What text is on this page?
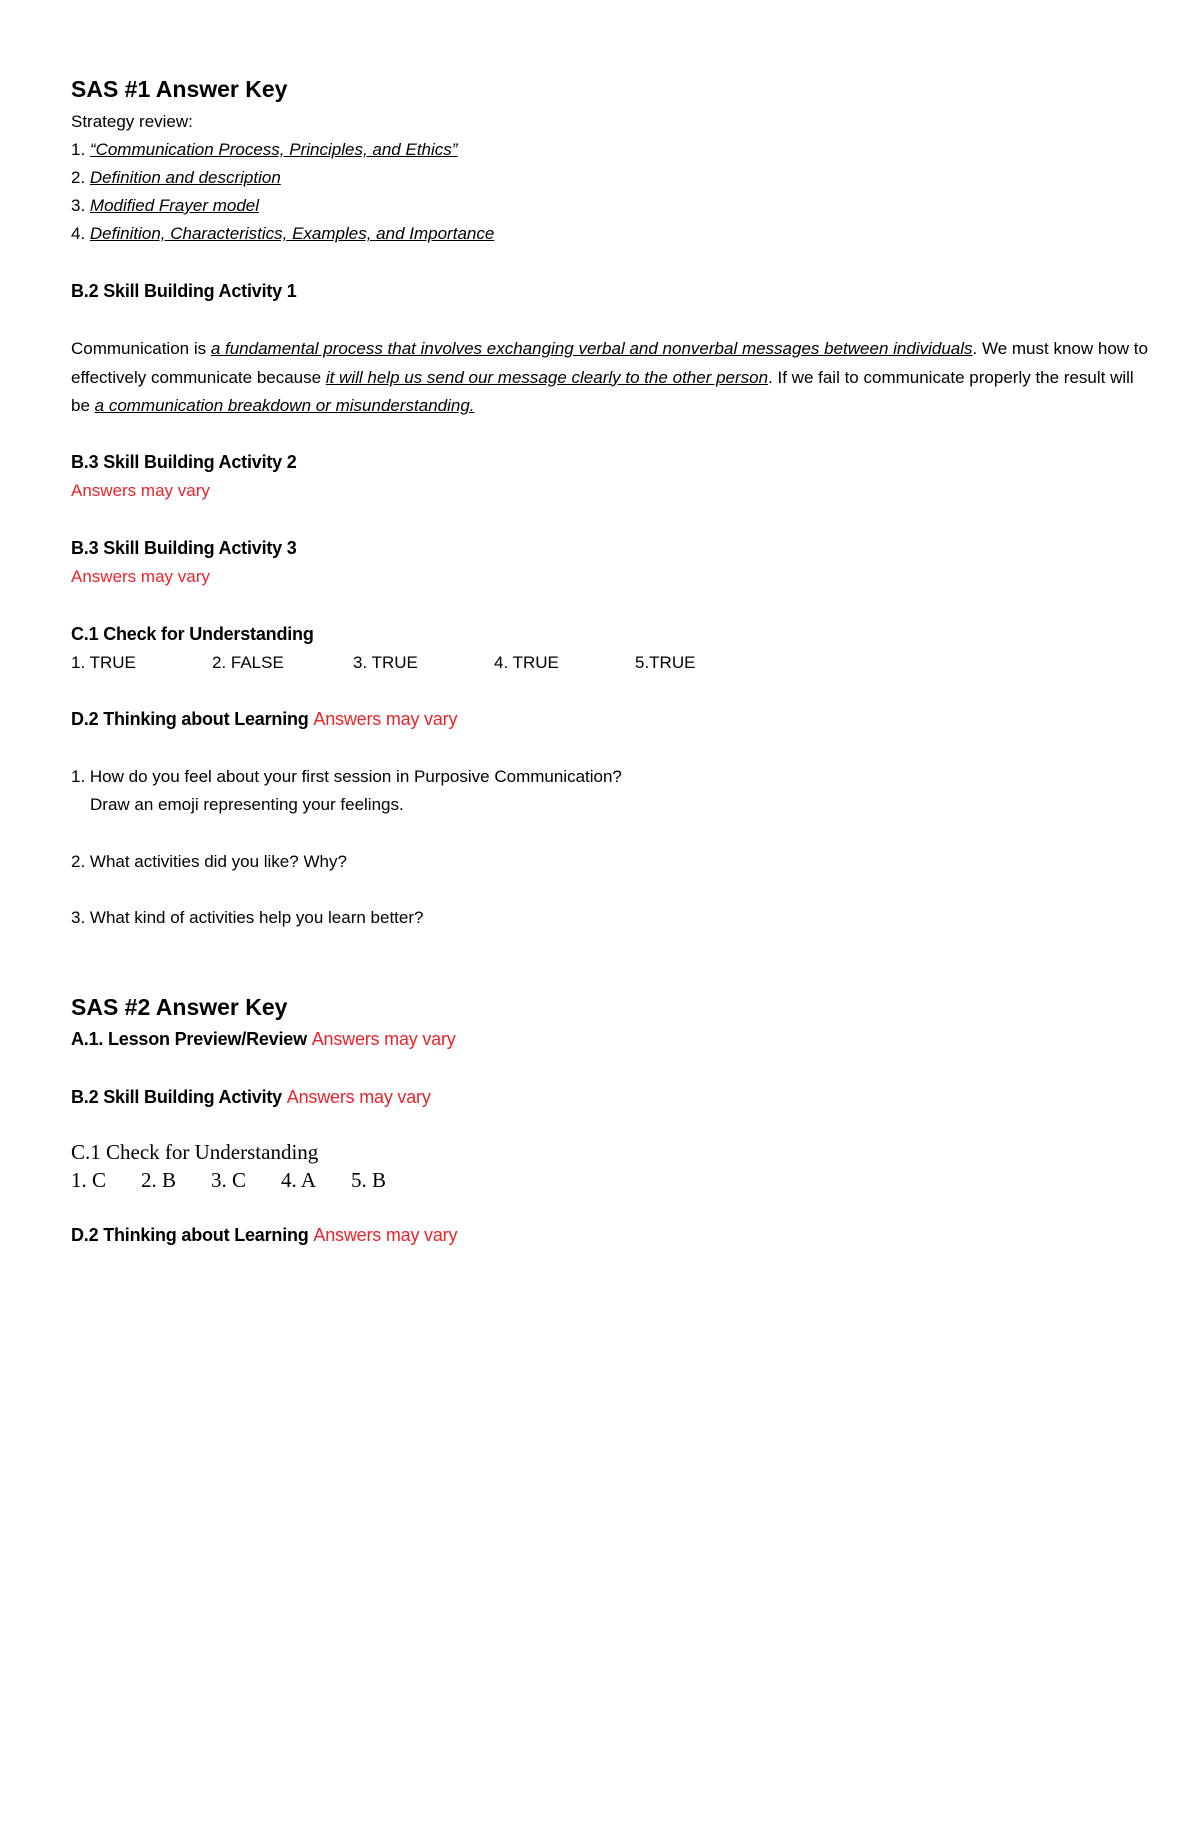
SAS #1 Answer Key
Strategy review:
1. “Communication Process, Principles, and Ethics”
2. Definition and description
3. Modified Frayer model
4. Definition, Characteristics, Examples, and Importance
B.2 Skill Building Activity 1
Communication is a fundamental process that involves exchanging verbal and nonverbal messages between individuals. We must know how to effectively communicate because it will help us send our message clearly to the other person. If we fail to communicate properly the result will be a communication breakdown or misunderstanding.
B.3 Skill Building Activity 2
Answers may vary
B.3 Skill Building Activity 3
Answers may vary
C.1 Check for Understanding
1. TRUE	2. FALSE	3. TRUE	4. TRUE	5.TRUE
D.2 Thinking about Learning Answers may vary
1. How do you feel about your first session in Purposive Communication?
Draw an emoji representing your feelings.
2. What activities did you like? Why?
3. What kind of activities help you learn better?
SAS #2 Answer Key
A.1. Lesson Preview/Review Answers may vary
B.2 Skill Building Activity Answers may vary
C.1 Check for Understanding
1. C 2. B 3. C 4. A 5. B
D.2 Thinking about Learning Answers may vary
